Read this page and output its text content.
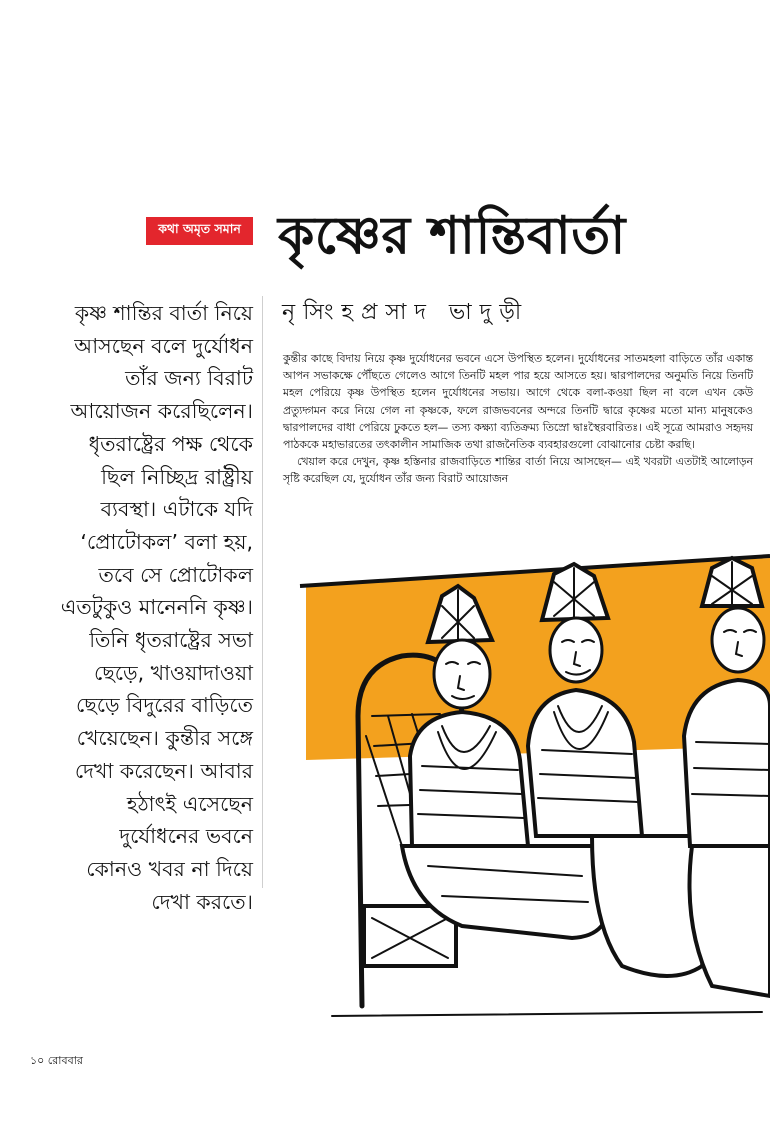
কথা অমৃত সমান কৃষ্ণের শান্তিবার্তা
নৃসিংহপ্রসাদ ভাদুড়ী

কৃষ্ণ শান্তির বার্তা নিয়ে আসছেন বলে দুর্যোধন তাঁর জন্য বিরাট আয়োজন করেছিলেন।

ধৃতরাষ্ট্রের পক্ষ থেকে ছিল নিচ্ছিদ্র রাষ্ট্রীয় ব্যবস্থা। এটাকে যদি ‘প্রোটোকল’ বলা হয়, তবে সে প্রোটোকল এতটুকুও মানেননি কৃষ্ণ। তিনি ধৃতরাষ্ট্রের সভা ছেড়ে, খাওয়াদাওয়া ছেড়ে বিদুরের বাড়িতে খেয়েছেন। কুন্তীর সঙ্গে দেখা করেছেন। আবার হঠাৎই এসেছেন দুর্যোধনের ভবনে কোনও খবর না দিয়ে দেখা করতে।

কুন্তীর কাছে বিদায় নিয়ে কৃষ্ণ দুর্যোধনের ভবনে এসে উপস্থিত হলেন। দুর্যোধনের সাতমহলা বাড়িতে তাঁর একান্ত আপন সভাকক্ষে পৌঁছতে গেলেও আগে তিনটি মহল পার হয়ে আসতে হয়। দ্বারপালদের অনুমতি নিয়ে তিনটি মহল পেরিয়ে কৃষ্ণ উপস্থিত হলেন দুর্যোধনের সভায়। আগে থেকে বলা-কওয়া ছিল না বলে এখন কেউ প্রত্যুদ্গমন করে নিয়ে গেল না কৃষ্ণকে, ফলে রাজভবনের অন্দরে তিনটি দ্বারে কৃষ্ণের মতো মান্য মানুষকেও দ্বারপালদের বাধা পেরিয়ে ঢুকতে হল— তস্য কক্ষ্যা ব্যতিক্রম্য তিস্রো দ্বাঃস্থৈরবারিতঃ। এই সূত্রে আমরাও সহৃদয় পাঠককে মহাভারতের তৎকালীন সামাজিক তথা রাজনৈতিক ব্যবহারগুলো বোঝানোর চেষ্টা করছি।

খেয়াল করে দেখুন, কৃষ্ণ হস্তিনার রাজবাড়িতে শান্তির বার্তা নিয়ে আসছেন— এই খবরটা এতটাই আলোড়ন সৃষ্টি করেছিল যে, দুর্যোধন তাঁর জন্য বিরাট আয়োজন

১০ রোববার
